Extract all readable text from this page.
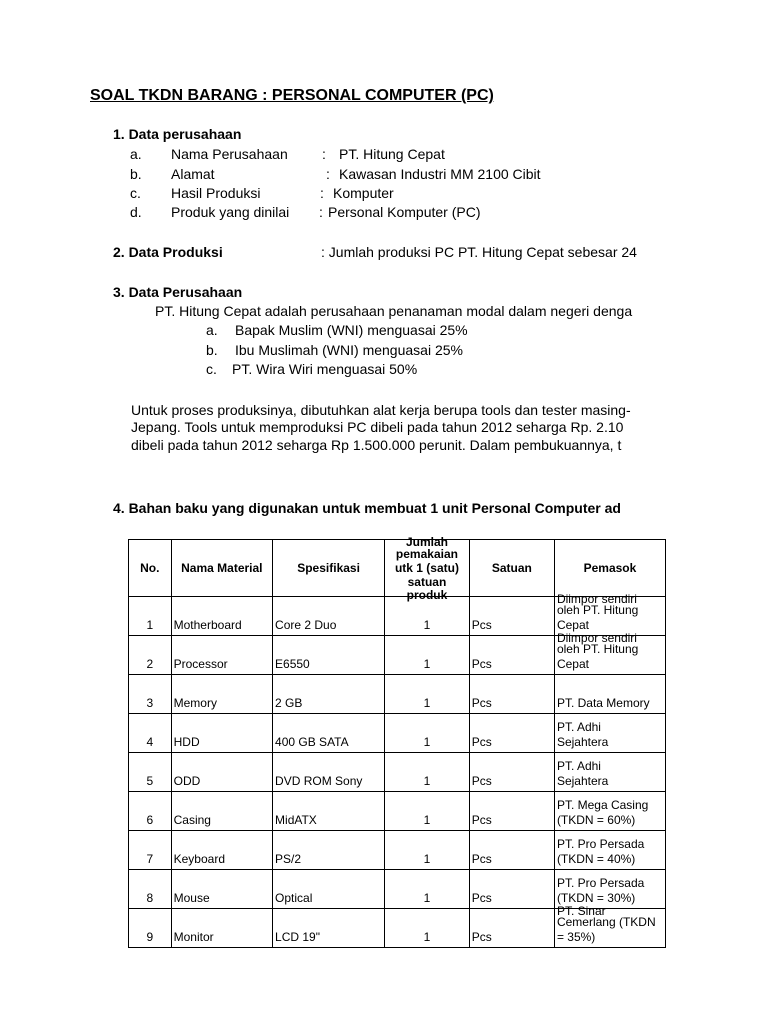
SOAL TKDN BARANG : PERSONAL COMPUTER (PC)
1. Data perusahaan
a. Nama Perusahaan : PT. Hitung Cepat
b. Alamat	: Kawasan Industri MM 2100 Cibit
c. Hasil Produksi	: Komputer
d. Produk yang dinilai : Personal Komputer (PC)
2. Data Produksi	: Jumlah produksi PC PT. Hitung Cepat sebesar 24
3. Data Perusahaan
PT. Hitung Cepat adalah perusahaan penanaman modal dalam negeri denga
a. Bapak Muslim (WNI) menguasai 25%
b. Ibu Muslimah (WNI) menguasai 25%
c. PT. Wira Wiri menguasai 50%
Untuk proses produksinya, dibutuhkan alat kerja berupa tools dan tester masing-
Jepang. Tools untuk memproduksi PC dibeli pada tahun 2012 seharga Rp. 2.10
dibeli pada tahun 2012 seharga Rp 1.500.000 perunit. Dalam pembukuannya, t
4. Bahan baku yang digunakan untuk membuat 1 unit Personal Computer ad
No.	Nama Material	Spesifikasi	Jumlah
pemakaian utk 1 (satu) satuan
produk	Satuan	Pemasok
1	Motherboard	Core 2 Duo	1	Pcs	Diimpor sendiri
oleh PT. Hitung
Cepat

2	Processor	E6550	1	Pcs	Diimpor sendiri
oleh PT. Hitung
Cepat

3	Memory	2 GB	1	Pcs	PT. Data Memory

4	HDD	400 GB SATA	1	Pcs	PT. Adhi
Sejahtera

5	ODD	DVD ROM Sony	1	Pcs	PT. Adhi
Sejahtera

6	Casing	MidATX	1	Pcs	PT. Mega Casing
(TKDN = 60%)

7	Keyboard	PS/2	1	Pcs	PT. Pro Persada
(TKDN = 40%)

8	Mouse	Optical	1	Pcs	PT. Pro Persada
(TKDN = 30%)

9	Monitor	LCD 19"	1	Pcs	PT. Sinar
Cemerlang (TKDN
= 35%)
